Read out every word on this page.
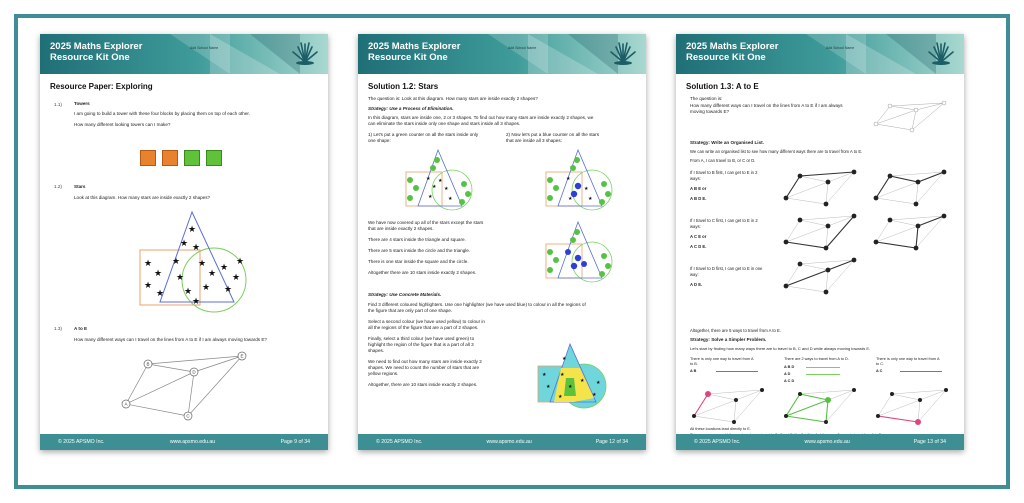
2025 Maths Explorer
Resource Kit One
Add School Name
Resource Paper: Exploring
1.1)	Towers
I am going to build a tower with these four blocks by placing them on top of each other.
How many different looking towers can I make?
1.2)	Stars
Look at this diagram. How many stars are inside exactly 2 shapes?
★
★ ★
★
★
★
★
★
★
★
★
★
★
★
★
★
★
★
1.3)	A to E
How many different ways can I travel on the lines from A to E if I am always moving towards E?
A
B
C
D
E
© 2025 APSMO Inc.	www.apsmo.edu.au	Page 9 of 34
2025 Maths Explorer
Resource Kit One
Add School Name
Solution 1.2: Stars
The question is: Look at this diagram. How many stars are inside exactly 2 shapes?
Strategy: Use a Process of Elimination.
In this diagram, stars are inside one, 2 or 3 shapes. To find out how many stars are inside exactly 2 shapes, we
can eliminate the stars inside only one shape and stars inside all 3 shapes.
1) Let's put a green counter on all the stars inside only
one shape:
2) Now let's put a blue counter on all the stars
that are inside all 3 shapes:
★
★
★
★
★	★
★
★
★	★
We have now covered up all of the stars except the stars
that are inside exactly 2 shapes.
There are 4 stars inside the triangle and square.
There are 5 stars inside the circle and the triangle.
There is one star inside the square and the circle.
Altogether there are 10 stars inside exactly 2 shapes.
Strategy: Use Concrete Materials.
Find 3 different coloured highlighters. Use one highlighter (we have used blue) to colour in all the regions of
the figure that are only part of one shape.
Select a second colour (we have used yellow) to colour in
all the regions of the figure that are a part of 2 shapes.
Finally, select a third colour (we have used green) to
highlight the region of the figure that is a part of all 3
shapes.
We need to find out how many stars are inside exactly 2
shapes. We need to count the number of stars that are
yellow regions.
Altogether, there are 10 stars inside exactly 2 shapes.
★
★
★
★
★
★ ★
★
★
© 2025 APSMO Inc.	www.apsmo.edu.au	Page 12 of 34
2025 Maths Explorer
Resource Kit One
Add School Name
Solution 1.3: A to E
The question is:
How many different ways can I travel on the lines from A to E if I am always
moving towards E?
Strategy: Write an Organised List.
We can write an organised list to see how many different ways there are to travel from A to E.
From A, I can travel to B, or C or D.
If I travel to B first, I can get to E in 2
ways:
A B E or
A B D E.
If I travel to C first, I can get to E in 2
ways:
A C E or
A C D E.
If I travel to D first, I can get to E in one
way:
A D E.
Altogether, there are 5 ways to travel from A to E.
Strategy: Solve a Simpler Problem.
Let's start by finding how many ways there are to travel to B, C and D while always moving towards E.
There is only one way to travel from A
to B.
A B
There are 2 ways to travel from A to D.
A B D
A D
A C D
There is only one way to travel from A
to C.
A C
All these locations lead directly to E.
© 2025 APSMO Inc.	www.apsmo.edu.au	Page 13 of 34
